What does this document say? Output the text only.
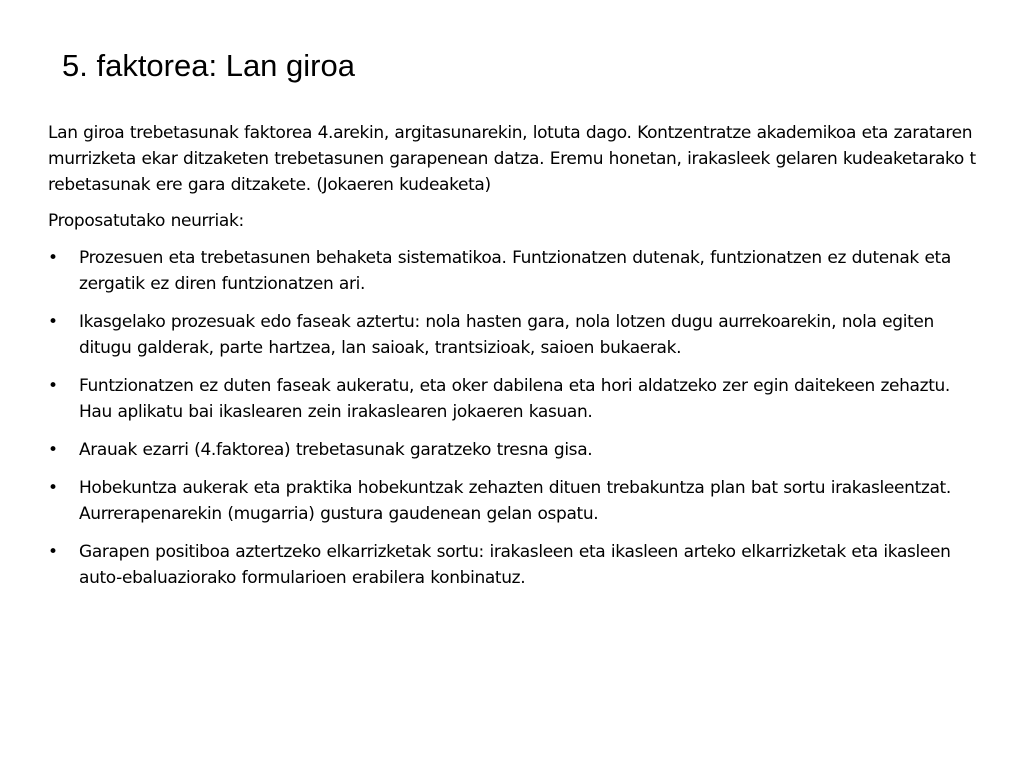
5. faktorea: Lan giroa

Lan giroa trebetasunak faktorea 4.arekin, argitasunarekin, lotuta dago. Kontzentratze akademikoa eta zarataren murrizketa ekar ditzaketen trebetasunen garapenean datza. Eremu honetan, irakasleek gelaren kudeaketarako trebetasunak ere gara ditzakete. (Jokaeren kudeaketa)

Proposatutako neurriak:

• Prozesuen eta trebetasunen behaketa sistematikoa. Funtzionatzen dutenak, funtzionatzen ez dutenak eta zergatik ez diren funtzionatzen ari.
• Ikasgelako prozesuak edo faseak aztertu: nola hasten gara, nola lotzen dugu aurrekoarekin, nola egiten ditugu galderak, parte hartzea, lan saioak, trantsizioak, saioen bukaerak.
• Funtzionatzen ez duten faseak aukeratu, eta oker dabilena eta hori aldatzeko zer egin daitekeen zehaztu. Hau aplikatu bai ikaslearen zein irakaslearen jokaeren kasuan.
• Arauak ezarri (4.faktorea) trebetasunak garatzeko tresna gisa.
• Hobekuntza aukerak eta praktika hobekuntzak zehazten dituen trebakuntza plan bat sortu irakasleentzat. Aurrerapenarekin (mugarria) gustura gaudenean gelan ospatu.
• Garapen positiboa aztertzeko elkarrizketak sortu: irakasleen eta ikasleen arteko elkarrizketak eta ikasleen auto-ebaluaziorako formularioen erabilera konbinatuz.
